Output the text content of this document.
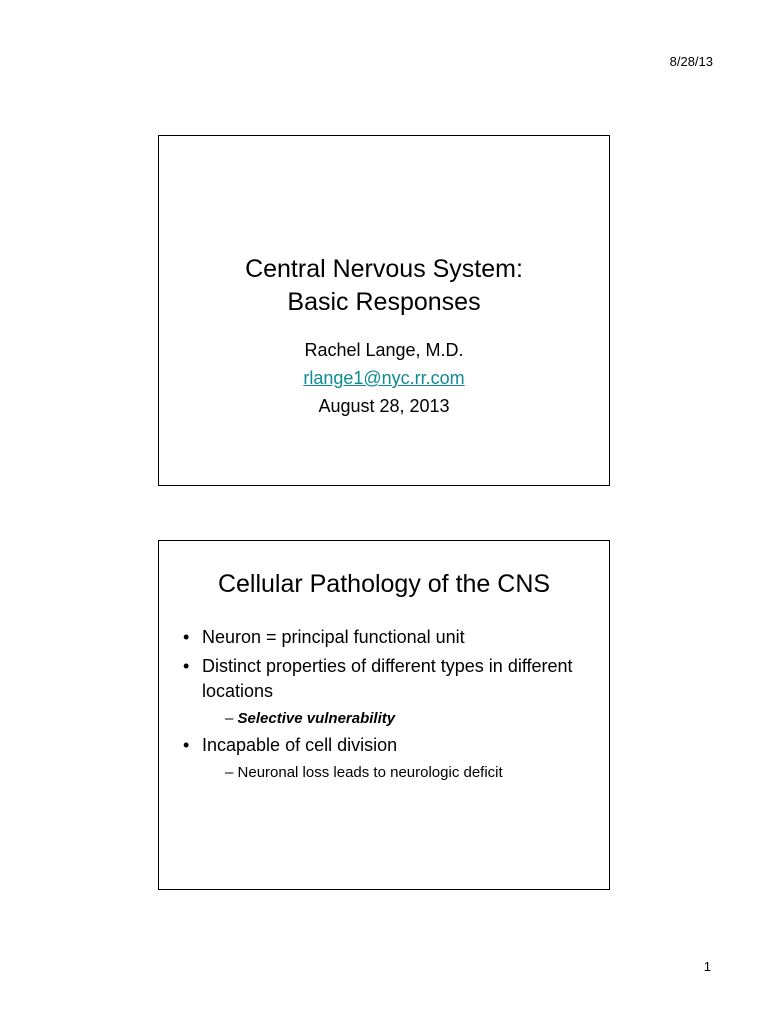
8/28/13
Central Nervous System:
Basic Responses
Rachel Lange, M.D.
rlange1@nyc.rr.com
August 28, 2013
Cellular Pathology of the CNS
• Neuron = principal functional unit
• Distinct properties of different types in different locations
– Selective vulnerability
• Incapable of cell division
– Neuronal loss leads to neurologic deficit
1
